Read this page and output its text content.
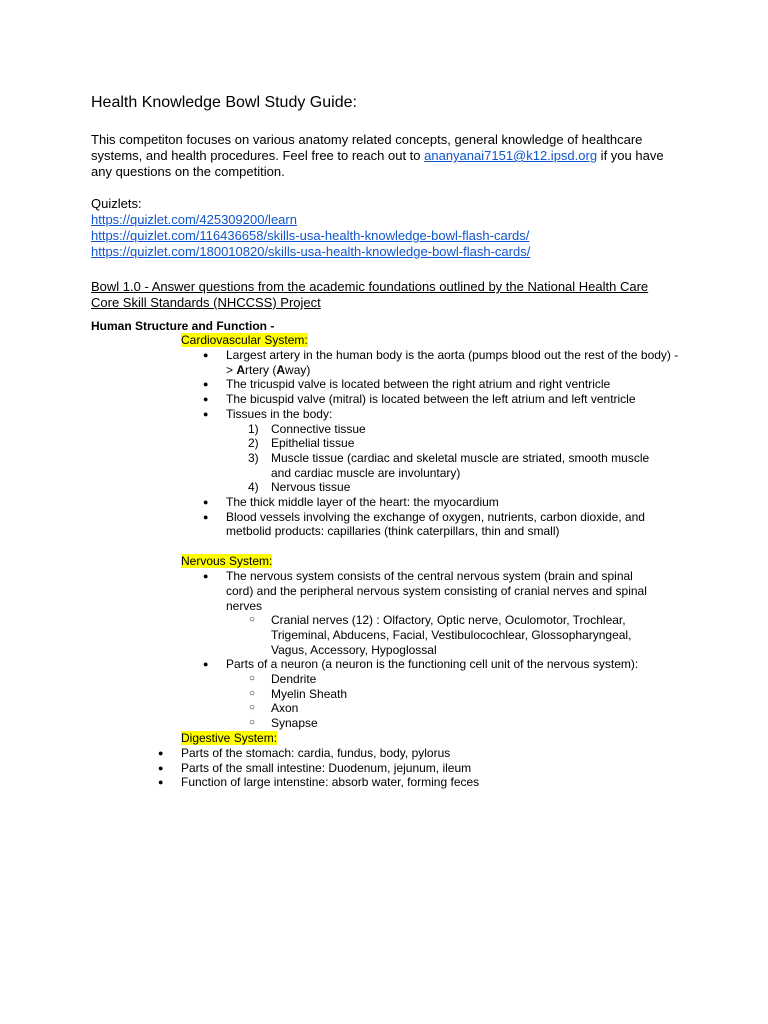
Health Knowledge Bowl Study Guide:

This competiton focuses on various anatomy related concepts, general knowledge of healthcare systems, and health procedures. Feel free to reach out to ananyanai7151@k12.ipsd.org if you have any questions on the competition.

Quizlets:

https://quizlet.com/425309200/learn

https://quizlet.com/116436658/skills-usa-health-knowledge-bowl-flash-cards/

https://quizlet.com/180010820/skills-usa-health-knowledge-bowl-flash-cards/

Bowl 1.0 - Answer questions from the academic foundations outlined by the National Health Care Core Skill Standards (NHCCSS) Project

Human Structure and Function -
Cardiovascular System:
● Largest artery in the human body is the aorta (pumps blood out the rest of the body) -> Artery (Away)
● The tricuspid valve is located between the right atrium and right ventricle
● The bicuspid valve (mitral) is located between the left atrium and left ventricle
● Tissues in the body:
1) Connective tissue
2) Epithelial tissue
3) Muscle tissue (cardiac and skeletal muscle are striated, smooth muscle and cardiac muscle are involuntary)
4) Nervous tissue
● The thick middle layer of the heart: the myocardium
● Blood vessels involving the exchange of oxygen, nutrients, carbon dioxide, and metbolid products: capillaries (think caterpillars, thin and small)
Nervous System:
● The nervous system consists of the central nervous system (brain and spinal cord) and the peripheral nervous system consisting of cranial nerves and spinal nerves
○ Cranial nerves (12) : Olfactory, Optic nerve, Oculomotor, Trochlear, Trigeminal, Abducens, Facial, Vestibulocochlear, Glossopharyngeal, Vagus, Accessory, Hypoglossal
● Parts of a neuron (a neuron is the functioning cell unit of the nervous system):
○ Dendrite
○ Myelin Sheath
○ Axon
○ Synapse
Digestive System:
● Parts of the stomach: cardia, fundus, body, pylorus
● Parts of the small intestine: Duodenum, jejunum, ileum
● Function of large intenstine: absorb water, forming feces
